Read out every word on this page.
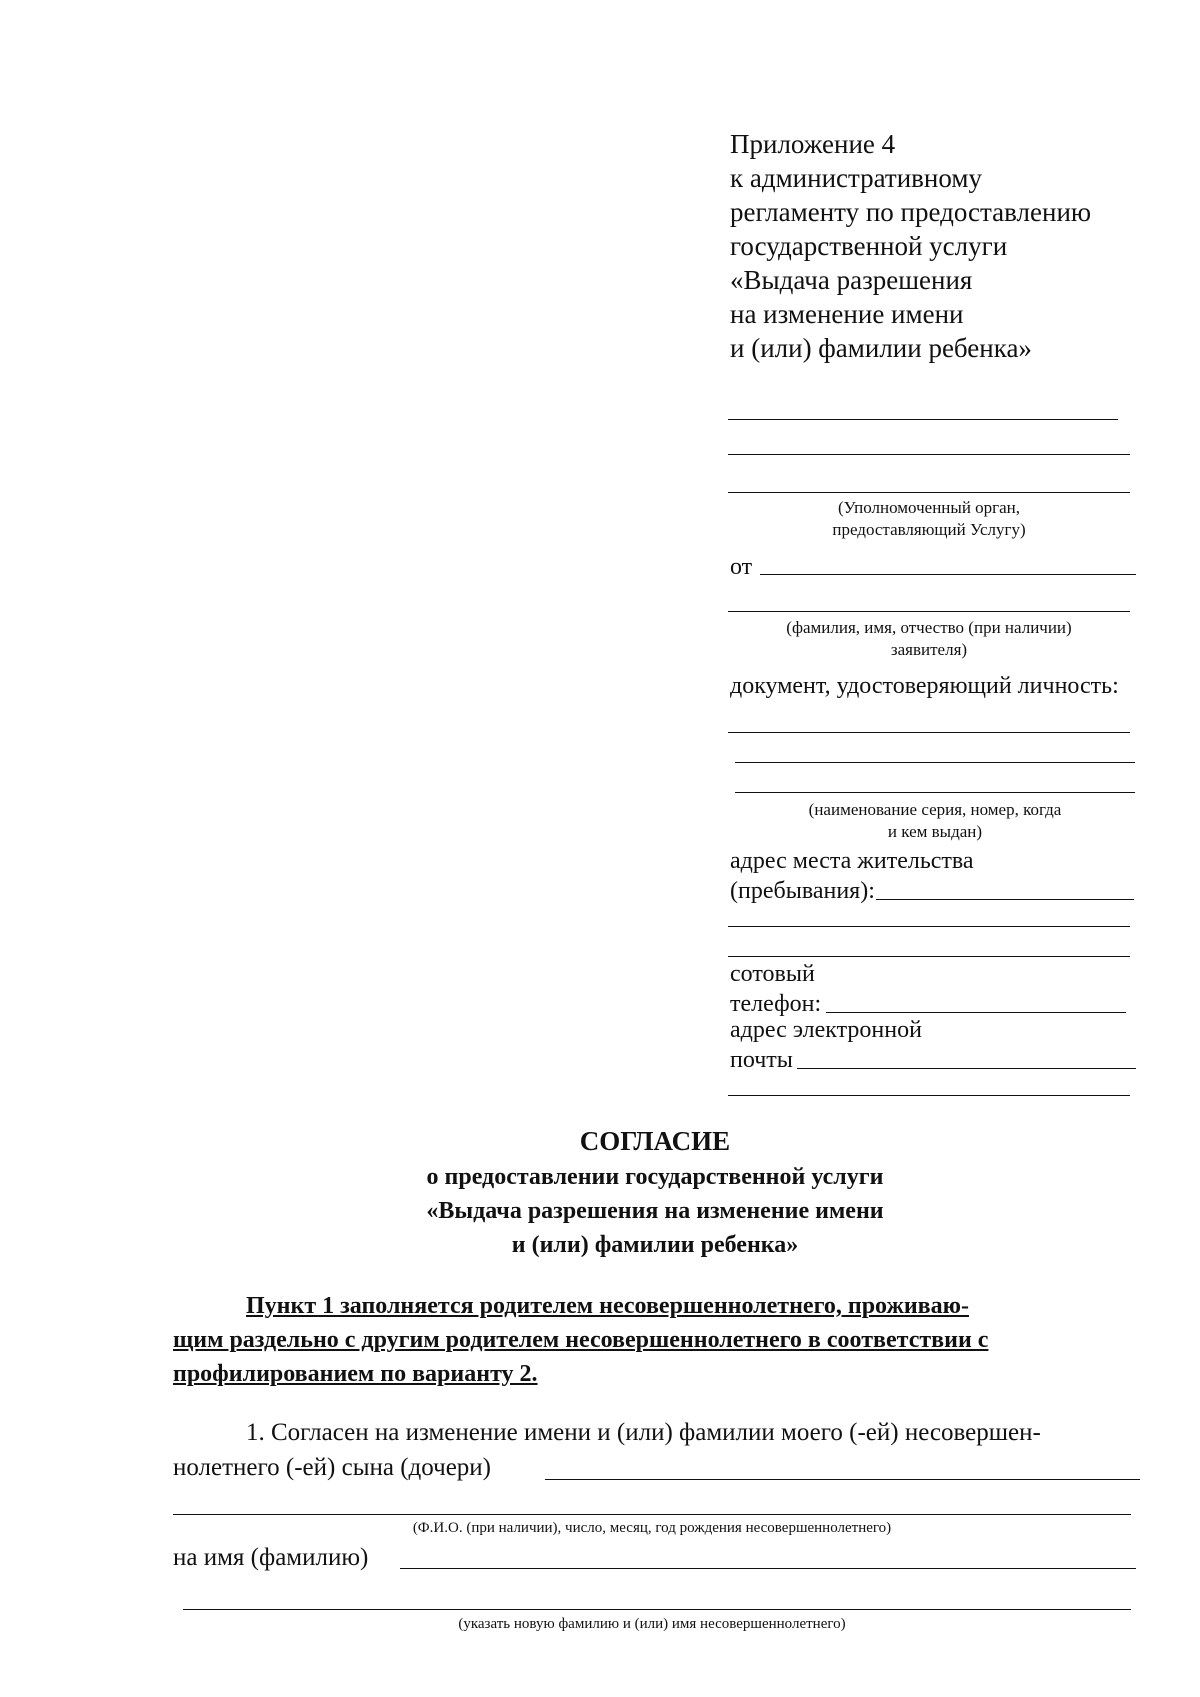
Приложение 4
к административному
регламенту по предоставлению
государственной услуги
«Выдача разрешения
на изменение имени
и (или) фамилии ребенка»
(Уполномоченный орган,
предоставляющий Услугу)
от
(фамилия, имя, отчество (при наличии)
заявителя)
документ, удостоверяющий личность:
(наименование серия, номер, когда
и кем выдан)
адрес места жительства
(пребывания):
сотовый
телефон:
адрес электронной
почты
СОГЛАСИЕ
о предоставлении государственной услуги
«Выдача разрешения на изменение имени
и (или) фамилии ребенка»
Пункт 1 заполняется родителем несовершеннолетнего, проживаю-
щим раздельно с другим родителем несовершеннолетнего в соответствии с
профилированием по варианту 2.
1. Согласен на изменение имени и (или) фамилии моего (-ей) несовершен-
нолетнего (-ей) сына (дочери)
(Ф.И.О. (при наличии), число, месяц, год рождения несовершеннолетнего)
на имя (фамилию)
(указать новую фамилию и (или) имя несовершеннолетнего)
